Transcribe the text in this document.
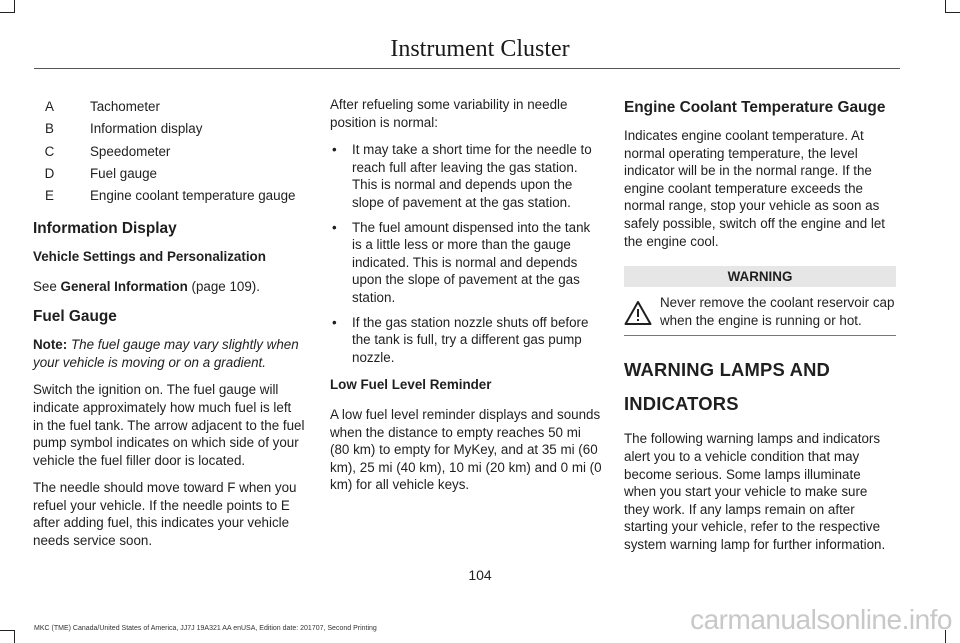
Instrument Cluster
A	Tachometer
B	Information display
C	Speedometer
D	Fuel gauge
E	Engine coolant temperature gauge
Information Display
Vehicle Settings and Personalization

See General Information (page 109).

Fuel Gauge

Note: The fuel gauge may vary slightly when your vehicle is moving or on a gradient.

Switch the ignition on. The fuel gauge will indicate approximately how much fuel is left in the fuel tank. The arrow adjacent to the fuel pump symbol indicates on which side of your vehicle the fuel filler door is located.

The needle should move toward F when you refuel your vehicle. If the needle points to E after adding fuel, this indicates your vehicle needs service soon.

After refueling some variability in needle position is normal:

• It may take a short time for the needle to reach full after leaving the gas station. This is normal and depends upon the slope of pavement at the gas station.
• The fuel amount dispensed into the tank is a little less or more than the gauge indicated. This is normal and depends upon the slope of pavement at the gas station.
• If the gas station nozzle shuts off before the tank is full, try a different gas pump nozzle.
Low Fuel Level Reminder

A low fuel level reminder displays and sounds when the distance to empty reaches 50 mi (80 km) to empty for MyKey, and at 35 mi (60 km), 25 mi (40 km), 10 mi (20 km) and 0 mi (0 km) for all vehicle keys.

Engine Coolant Temperature Gauge

Indicates engine coolant temperature. At normal operating temperature, the level indicator will be in the normal range. If the engine coolant temperature exceeds the normal range, stop your vehicle as soon as safely possible, switch off the engine and let the engine cool.

WARNING
Never remove the coolant reservoir cap when the engine is running or hot.
WARNING LAMPS AND
INDICATORS

The following warning lamps and indicators alert you to a vehicle condition that may become serious. Some lamps illuminate when you start your vehicle to make sure they work. If any lamps remain on after starting your vehicle, refer to the respective system warning lamp for further information.

104
MKC (TME) Canada/United States of America, JJ7J 19A321 AA enUSA, Edition date: 201707, Second Printing	carmanualsonline.info
